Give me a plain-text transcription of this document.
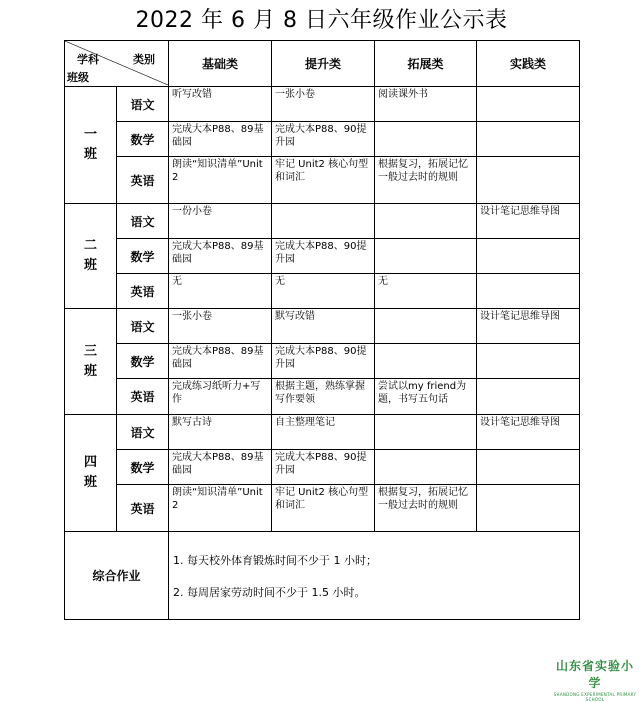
2022 年 6 月 8 日六年级作业公示表
学科 类别
班级		基础类	提升类	拓展类	实践类

一
班	语文	听写改错	一张小卷	阅读课外书	
	数学	完成大本P88、89基础园	完成大本P88、90提升园		
	英语	朗读“知识清单”Unit 2	牢记 Unit2 核心句型和词汇	根据复习，拓展记忆一般过去时的规则	

二
班	语文	一份小卷			设计笔记思维导图
	数学	完成大本P88、89基础园	完成大本P88、90提升园		
	英语	无	无	无	

三
班	语文	一张小卷	默写改错		设计笔记思维导图
	数学	完成大本P88、89基础园	完成大本P88、90提升园		
	英语	完成练习纸听力+写作	根据主题，熟练掌握写作要领	尝试以my friend为题，书写五句话	

四
班	语文	默写古诗	自主整理笔记		设计笔记思维导图
	数学	完成大本P88、89基础园	完成大本P88、90提升园		
	英语	朗读“知识清单”Unit 2	牢记 Unit2 核心句型和词汇	根据复习，拓展记忆一般过去时的规则	
综合作业		1. 每天校外体育锻炼时间不少于 1 小时；
2. 每周居家劳动时间不少于 1.5 小时。			
山东省实验小学
SHANDONG EXPERIMENTAL PRIMARY SCHOOL
